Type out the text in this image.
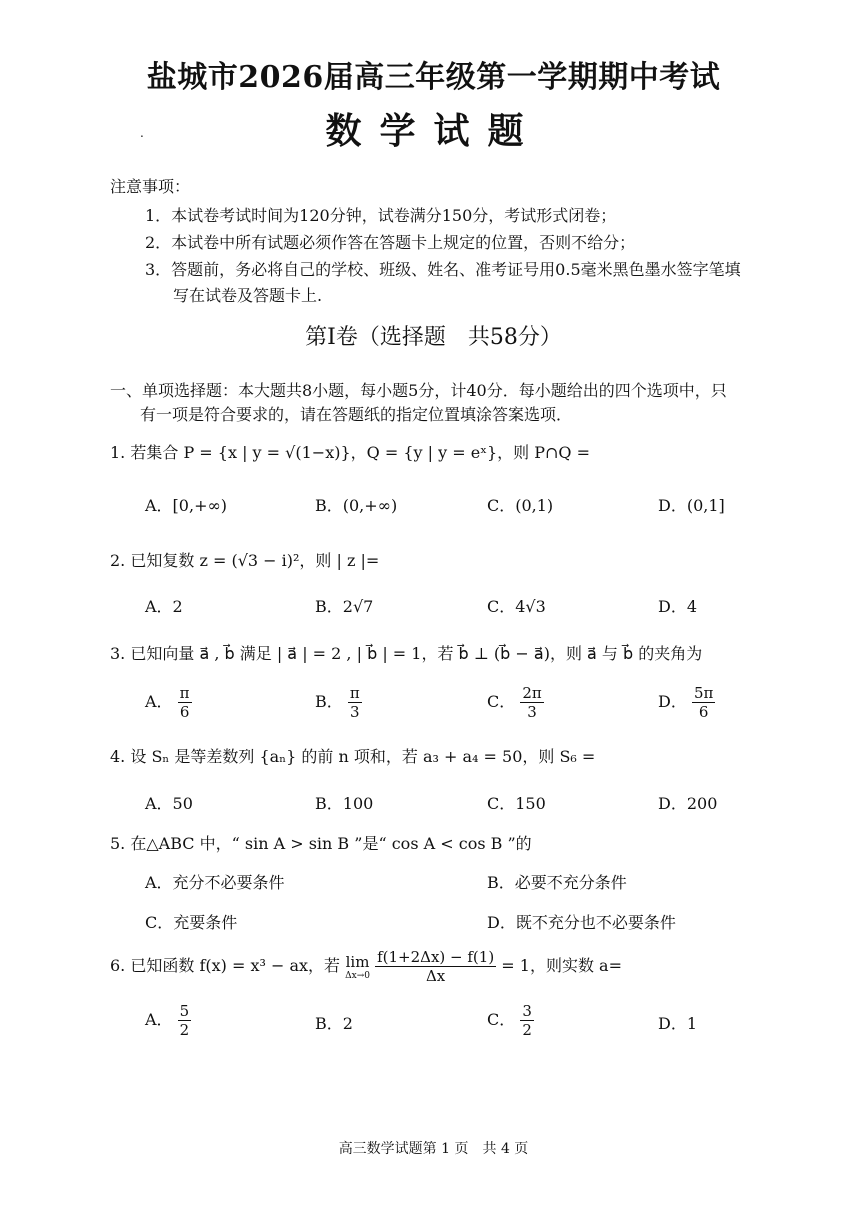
盐城市2026届高三年级第一学期期中考试
数学试题
.
注意事项：
1．本试卷考试时间为120分钟，试卷满分150分，考试形式闭卷；
2．本试卷中所有试题必须作答在答题卡上规定的位置，否则不给分；
3．答题前，务必将自己的学校、班级、姓名、准考证号用0.5毫米黑色墨水签字笔填
写在试卷及答题卡上.
第I卷（选择题　共58分）
一、单项选择题：本大题共8小题，每小题5分，计40分．每小题给出的四个选项中，只
有一项是符合要求的，请在答题纸的指定位置填涂答案选项．
1. 若集合 P = {x | y = √(1−x)}，Q = {y | y = eˣ}，则 P∩Q =
A．[0,+∞)	B．(0,+∞)	C．(0,1)	D．(0,1]
2. 已知复数 z = (√3 − i)²，则 | z |=
A．2	B．2√7	C．4√3	D．4
3. 已知向量 a⃗ , b⃗ 满足 | a⃗ | = 2 , | b⃗ | = 1，若 b⃗ ⊥ (b⃗ − a⃗)，则 a⃗ 与 b⃗ 的夹角为
A． $\frac{\pi}{6}$	B． $\frac{\pi}{3}$	C． $\frac{2\pi}{3}$	D． $\frac{5\pi}{6}$
4. 设 Sₙ 是等差数列 {aₙ} 的前 n 项和，若 a₃ + a₄ = 50，则 S₆ =
A．50	B．100	C．150	D．200
5. 在△ABC 中，“ sin A > sin B ”是“ cos A < cos B ”的
A．充分不必要条件	B．必要不充分条件
C．充要条件	D．既不充分也不必要条件
6. 已知函数 f(x) = x³ − ax，若 lim
Δx→0
$\frac{f(1+2\Delta x) - f(1)}{\Delta x} = 1$，则实数 a=
A． $\frac{5}{2}$	B．2	C． $\frac{3}{2}$	D．1
高三数学试题第 1 页　共 4 页
